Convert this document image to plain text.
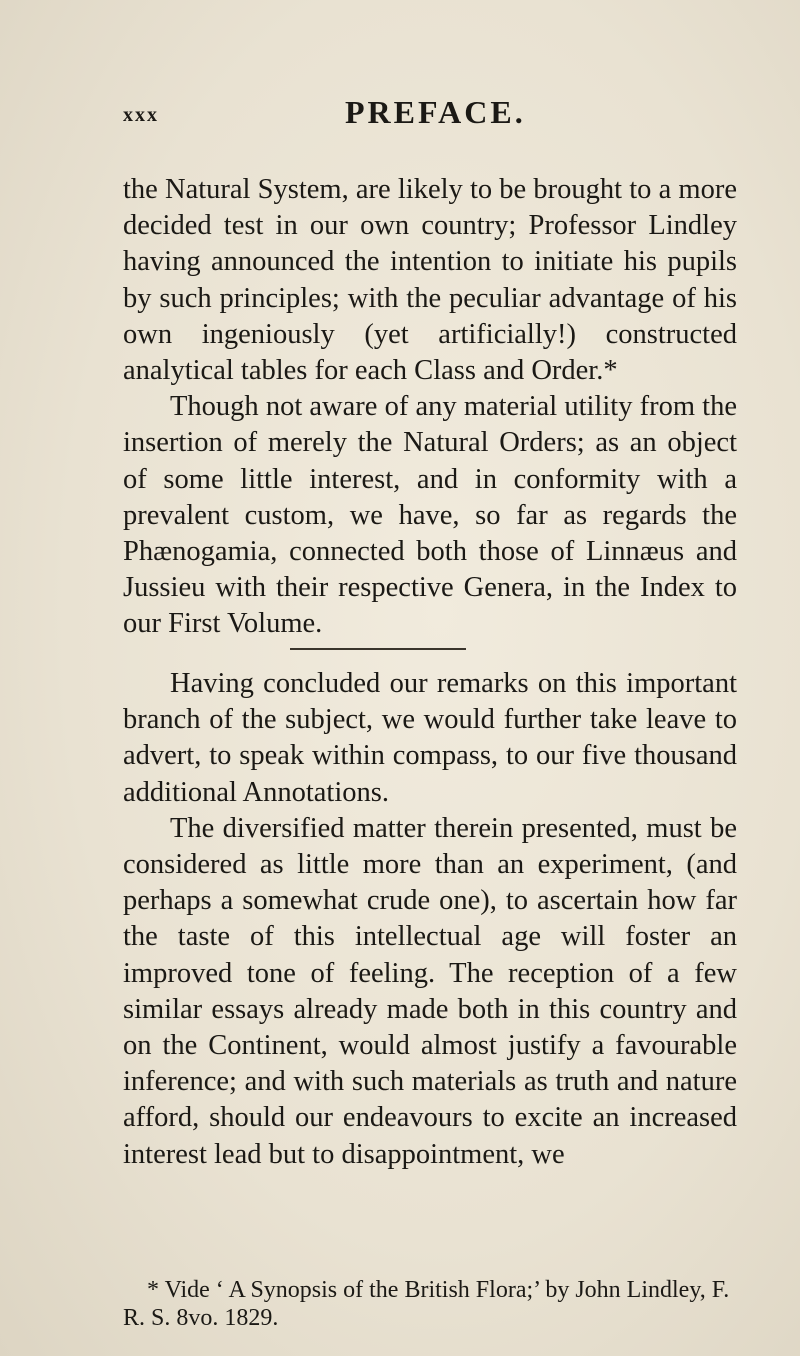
xxx	PREFACE.

the Natural System, are likely to be brought to a more decided test in our own country; Professor Lindley having announced the intention to initiate his pupils by such principles; with the peculiar advantage of his own ingeniously (yet artificially!) constructed analytical tables for each Class and Order.*

Though not aware of any material utility from the insertion of merely the Natural Orders; as an object of some little interest, and in conformity with a prevalent custom, we have, so far as regards the Phænogamia, connected both those of Linnæus and Jussieu with their respective Genera, in the Index to our First Volume.

Having concluded our remarks on this important branch of the subject, we would further take leave to advert, to speak within compass, to our five thousand additional Annotations.

The diversified matter therein presented, must be considered as little more than an experiment, (and perhaps a somewhat crude one), to ascertain how far the taste of this intellectual age will foster an improved tone of feeling. The reception of a few similar essays already made both in this country and on the Continent, would almost justify a favourable inference; and with such materials as truth and nature afford, should our endeavours to excite an increased interest lead but to disappointment, we

* Vide ‘ A Synopsis of the British Flora;’ by John Lindley, F. R. S. 8vo. 1829.
